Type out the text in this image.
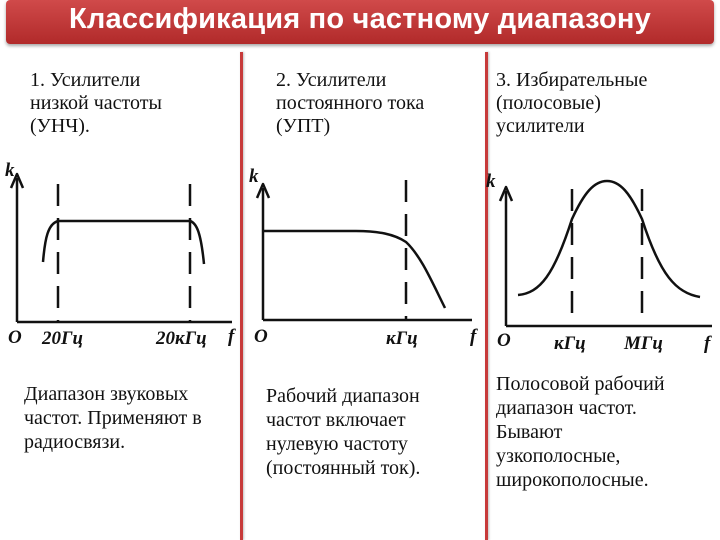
Классификация по частному диапазону
1. Усилители
низкой частоты
(УНЧ).
k
O	f
20Гц	20кГц
Диапазон звуковых
частот. Применяют в
радиосвязи.
2. Усилители
постоянного тока
(УПТ)
k
O	f
кГц
Рабочий диапазон
частот включает
нулевую частоту
(постоянный ток).
3. Избирательные
(полосовые)
усилители
k
O	f
кГц МГц
Полосовой рабочий
диапазон частот.
Бывают
узкополосные,
широкополосные.
